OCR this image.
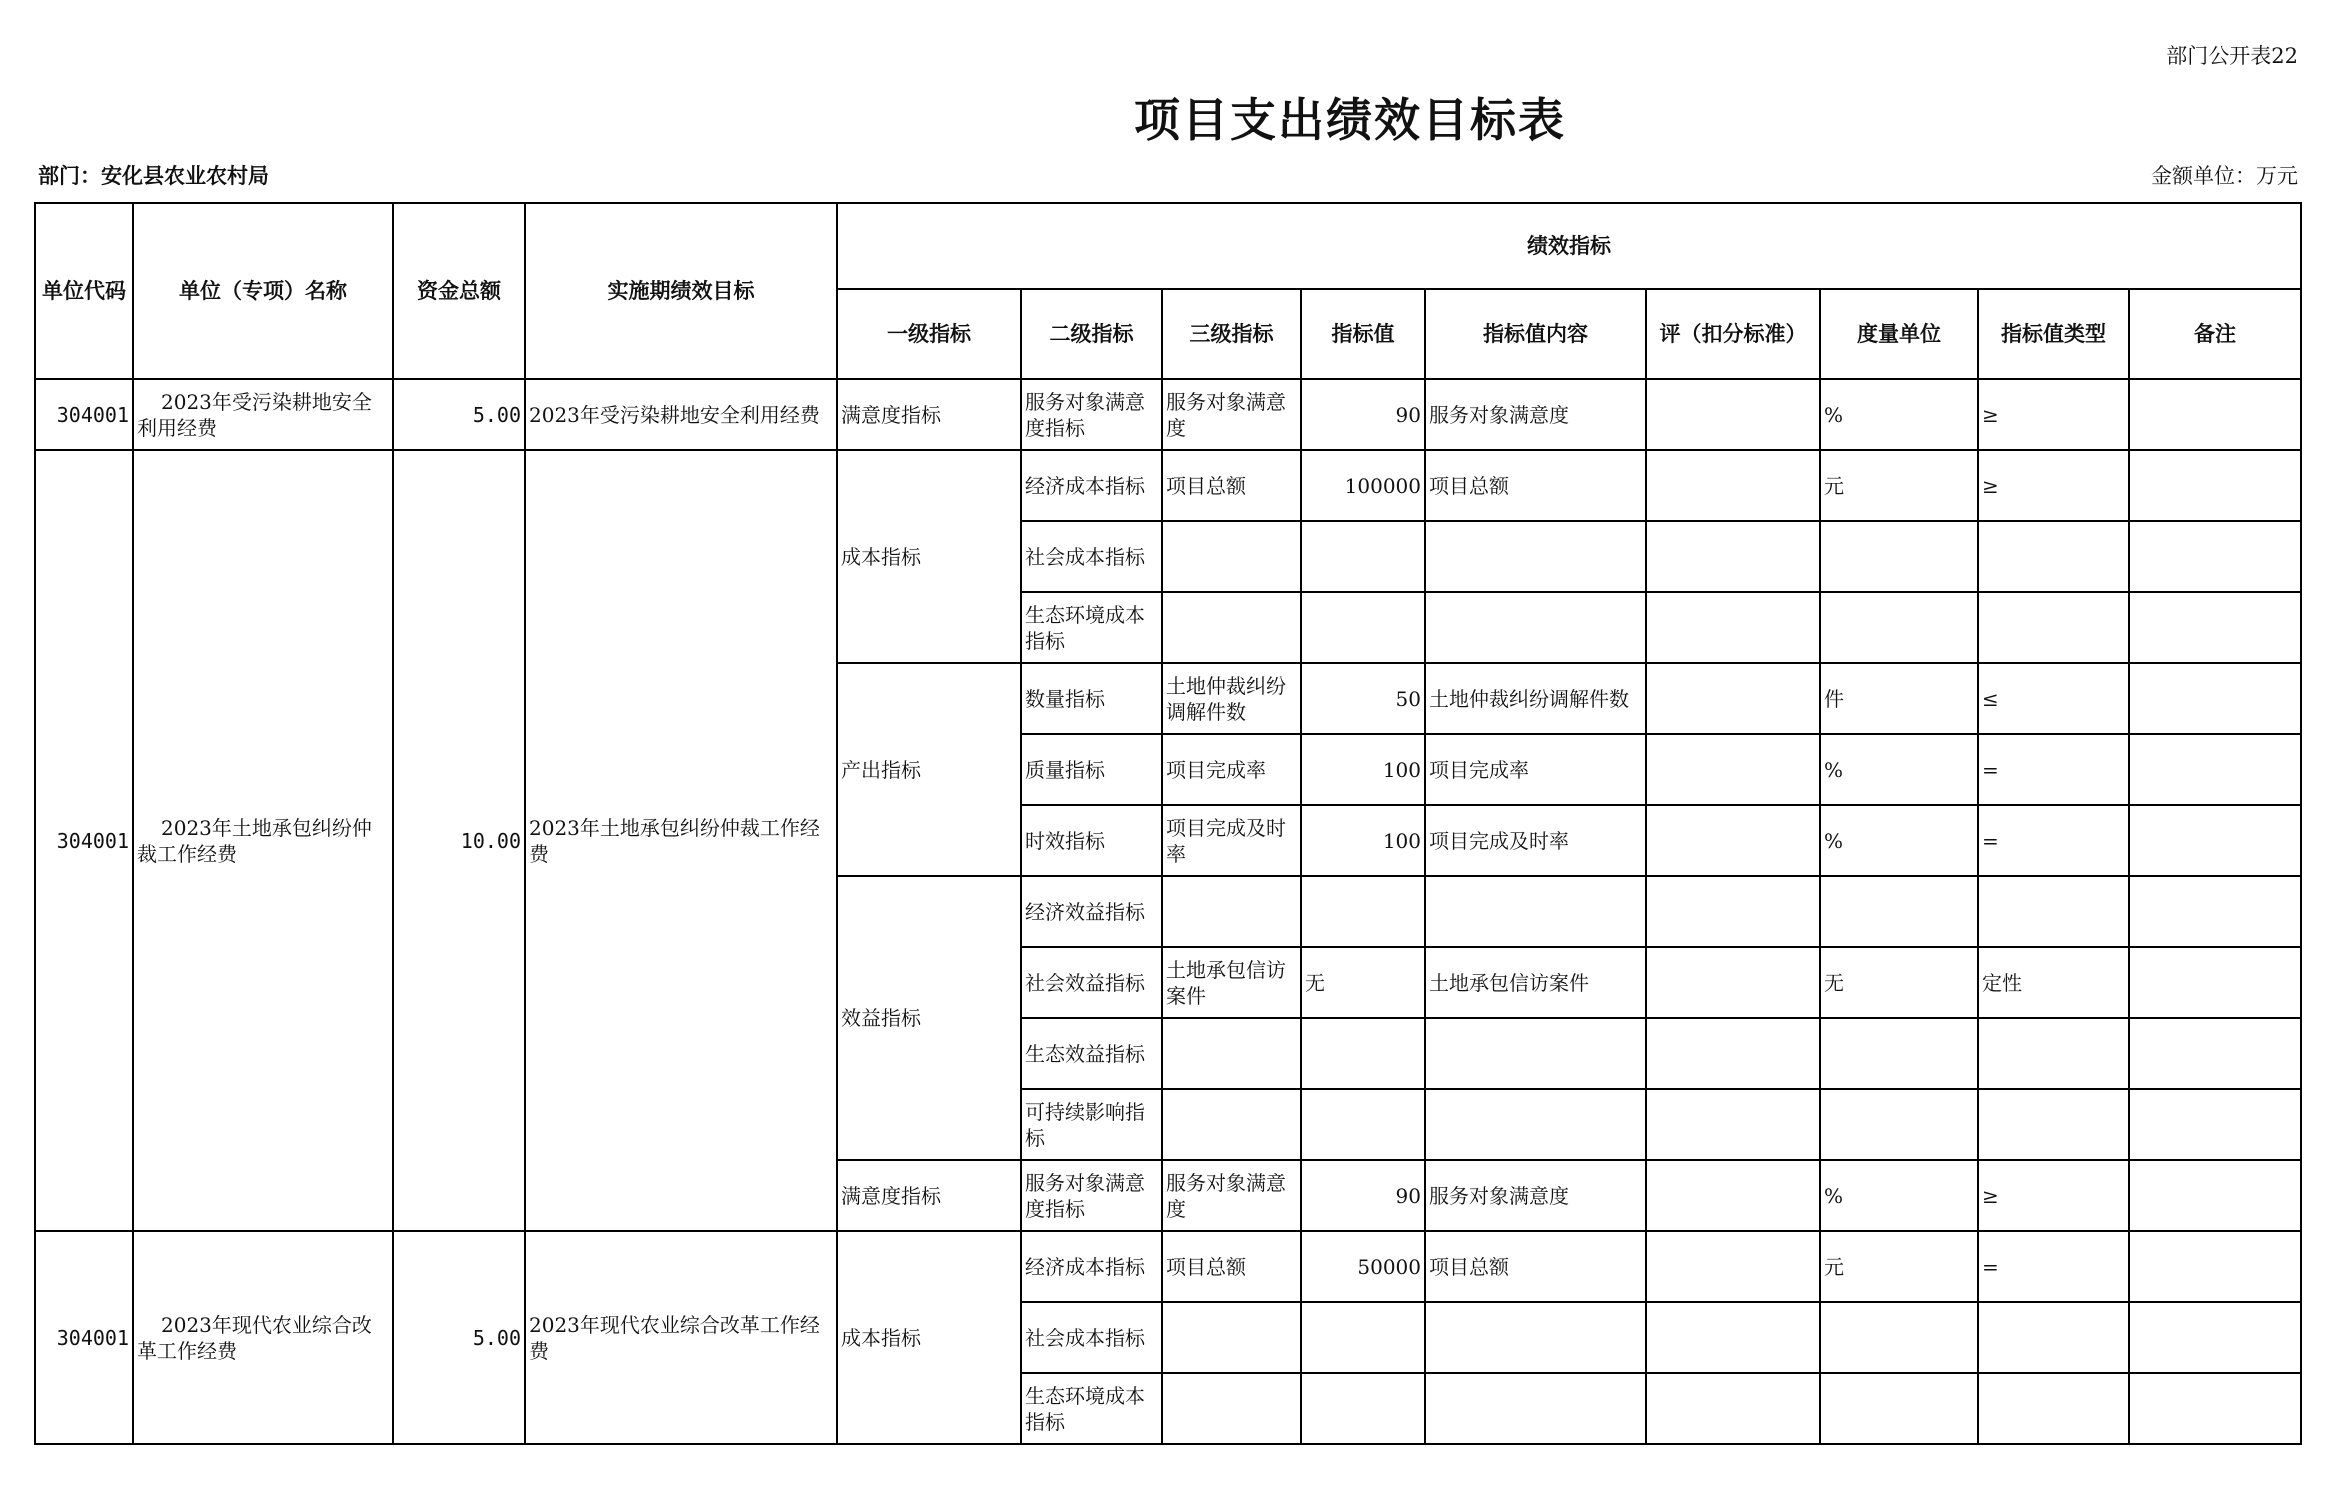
部门公开表22
项目支出绩效目标表
部门：安化县农业农村局	金额单位：万元
单位代码	单位（专项）名称	资金总额	实施期绩效目标	绩效指标								
				一级指标	二级指标	三级指标	指标值	指标值内容	评（扣分标准）	度量单位	指标值类型	备注
304001	2023年受污染耕地安全利用经费	5.00	2023年受污染耕地安全利用经费	满意度指标	服务对象满意度指标	服务对象满意度	90	服务对象满意度		%	≥	
304001	2023年土地承包纠纷仲裁工作经费	10.00	2023年土地承包纠纷仲裁工作经费	成本指标	经济成本指标	项目总额	100000	项目总额		元	≥	
					社会成本指标							
					生态环境成本指标							
				产出指标	数量指标	土地仲裁纠纷调解件数	50	土地仲裁纠纷调解件数		件	≤	
					质量指标	项目完成率	100	项目完成率		%	=	
					时效指标	项目完成及时率	100	项目完成及时率		%	=	
				效益指标	经济效益指标							
					社会效益指标	土地承包信访案件	无	土地承包信访案件		无	定性	
					生态效益指标							
					可持续影响指标							
				满意度指标	服务对象满意度指标	服务对象满意度	90	服务对象满意度		%	≥	
304001	2023年现代农业综合改革工作经费	5.00	2023年现代农业综合改革工作经费	成本指标	经济成本指标	项目总额	50000	项目总额		元	=	
					社会成本指标							
					生态环境成本指标							
